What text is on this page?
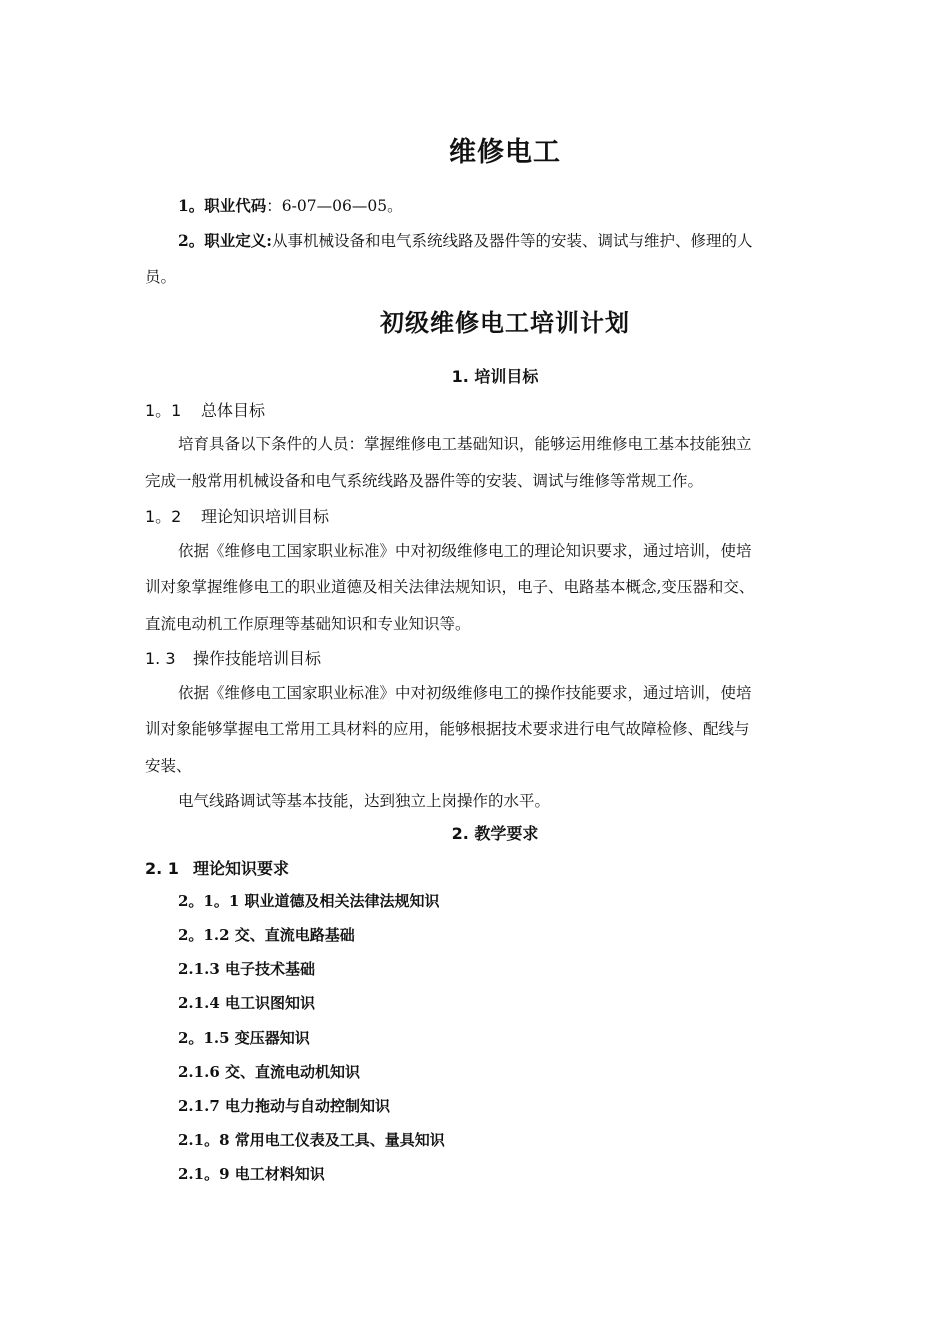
维修电工
1。职业代码：6-07—06—05。
2。职业定义:从事机械设备和电气系统线路及器件等的安装、调试与维护、修理的人
员。
初级维修电工培训计划
1. 培训目标
1。1 总体目标
培育具备以下条件的人员：掌握维修电工基础知识，能够运用维修电工基本技能独立
完成一般常用机械设备和电气系统线路及器件等的安装、调试与维修等常规工作。
1。2 理论知识培训目标
依据《维修电工国家职业标准》中对初级维修电工的理论知识要求，通过培训，使培
训对象掌握维修电工的职业道德及相关法律法规知识，电子、电路基本概念,变压器和交、
直流电动机工作原理等基础知识和专业知识等。
1. 3 操作技能培训目标
依据《维修电工国家职业标准》中对初级维修电工的操作技能要求，通过培训，使培
训对象能够掌握电工常用工具材料的应用，能够根据技术要求进行电气故障检修、配线与
安装、
电气线路调试等基本技能，达到独立上岗操作的水平。
2. 教学要求
2. 1 理论知识要求
2。1。1 职业道德及相关法律法规知识
2。1.2 交、直流电路基础
2.1.3 电子技术基础
2.1.4 电工识图知识
2。1.5 变压器知识
2.1.6 交、直流电动机知识
2.1.7 电力拖动与自动控制知识
2.1。8 常用电工仪表及工具、量具知识
2.1。9 电工材料知识
